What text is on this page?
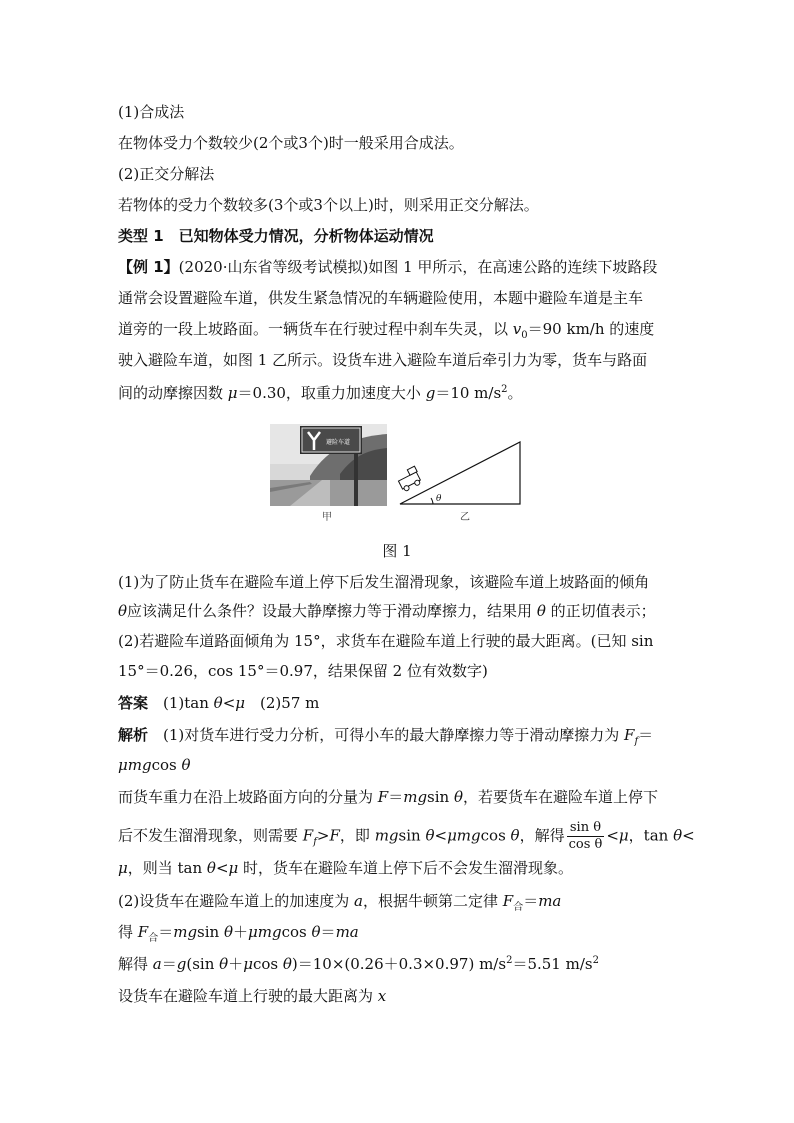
(1)合成法
在物体受力个数较少(2个或3个)时一般采用合成法。
(2)正交分解法
若物体的受力个数较多(3个或3个以上)时，则采用正交分解法。
类型 1　已知物体受力情况，分析物体运动情况
【例 1】(2020·山东省等级考试模拟)如图 1 甲所示，在高速公路的连续下坡路段
通常会设置避险车道，供发生紧急情况的车辆避险使用，本题中避险车道是主车
道旁的一段上坡路面。一辆货车在行驶过程中刹车失灵，以 $v_0=90$ km/h 的速度
驶入避险车道，如图 1 乙所示。设货车进入避险车道后牵引力为零，货车与路面
间的动摩擦因数 μ＝0.30，取重力加速度大小 g＝10 $m/s^2$。
避险车道
θ
甲	乙
图 1
(1)为了防止货车在避险车道上停下后发生溜滑现象，该避险车道上坡路面的倾角
θ应该满足什么条件？设最大静摩擦力等于滑动摩擦力，结果用 θ 的正切值表示；
(2)若避险车道路面倾角为 15°，求货车在避险车道上行驶的最大距离。(已知 sin
15°＝0.26，cos 15°＝0.97，结果保留 2 位有效数字)
答案　(1)tan θ<μ　(2)57 m
解析　(1)对货车进行受力分析，可得小车的最大静摩擦力等于滑动摩擦力为 $F_f=$
μmgcos θ
而货车重力在沿上坡路面方向的分量为 F＝mgsin θ，若要货车在避险车道上停下
后不发生溜滑现象，则需要 $F_f>F$，即 mgsin θ<μmgcos θ，解得 $\frac{\text{sin θ}}{\text{cos θ}} <\mu$，tan θ<
μ，则当 tan θ<μ 时，货车在避险车道上停下后不会发生溜滑现象。
(2)设货车在避险车道上的加速度为 a，根据牛顿第二定律 $F_合=ma$
得 $F_合=mgsin$ θ＋μmgcos θ＝ma
解得 a＝g(sin θ＋μcos θ)＝10×(0.26＋0.3×0.97) $m/s^2=5.51$ $m/s^2$
设货车在避险车道上行驶的最大距离为 x
